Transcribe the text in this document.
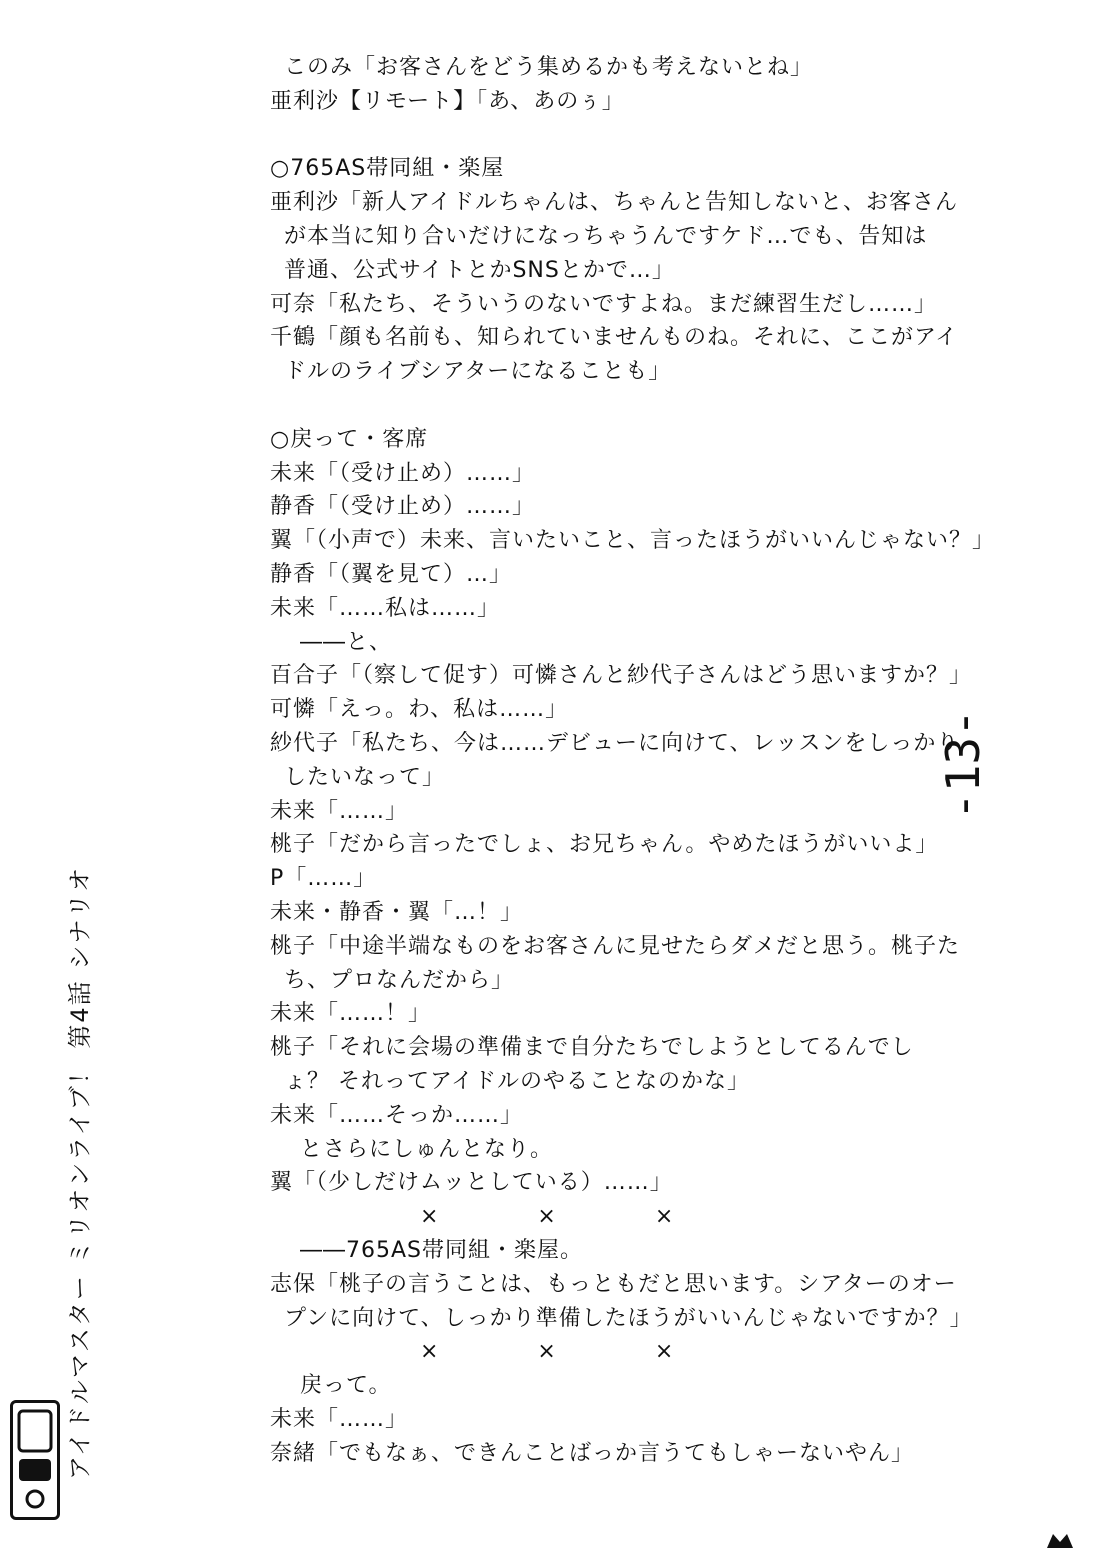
このみ「お客さんをどう集めるかも考えないとね」
亜利沙【リモート】「あ、あのぅ」
○765AS帯同組・楽屋
亜利沙「新人アイドルちゃんは、ちゃんと告知しないと、お客さん
が本当に知り合いだけになっちゃうんですケド…でも、告知は
普通、公式サイトとかSNSとかで…」
可奈「私たち、そういうのないですよね。まだ練習生だし……」
千鶴「顔も名前も、知られていませんものね。それに、ここがアイ
ドルのライブシアターになることも」
○戻って・客席
未来「（受け止め）……」
静香「（受け止め）……」
翼「（小声で）未来、言いたいこと、言ったほうがいいんじゃない？」
静香「（翼を見て）…」
未来「……私は……」
――と、
百合子「（察して促す）可憐さんと紗代子さんはどう思いますか？」
可憐「えっ。わ、私は……」
紗代子「私たち、今は……デビューに向けて、レッスンをしっかり
したいなって」
未来「……」
桃子「だから言ったでしょ、お兄ちゃん。やめたほうがいいよ」
P「……」
未来・静香・翼「…！」
桃子「中途半端なものをお客さんに見せたらダメだと思う。桃子た
ち、プロなんだから」
未来「……！」
桃子「それに会場の準備まで自分たちでしようとしてるんでし
ょ？ それってアイドルのやることなのかな」
未来「……そっか……」
とさらにしゅんとなり。
翼「（少しだけムッとしている）……」
× × ×
――765AS帯同組・楽屋。
志保「桃子の言うことは、もっともだと思います。シアターのオー
プンに向けて、しっかり準備したほうがいいんじゃないですか？」
× × ×
戻って。
未来「……」
奈緒「でもなぁ、できんことばっか言うてもしゃーないやん」
アイドルマスター ミリオンライブ！ 第4話 シナリオ
-13-
